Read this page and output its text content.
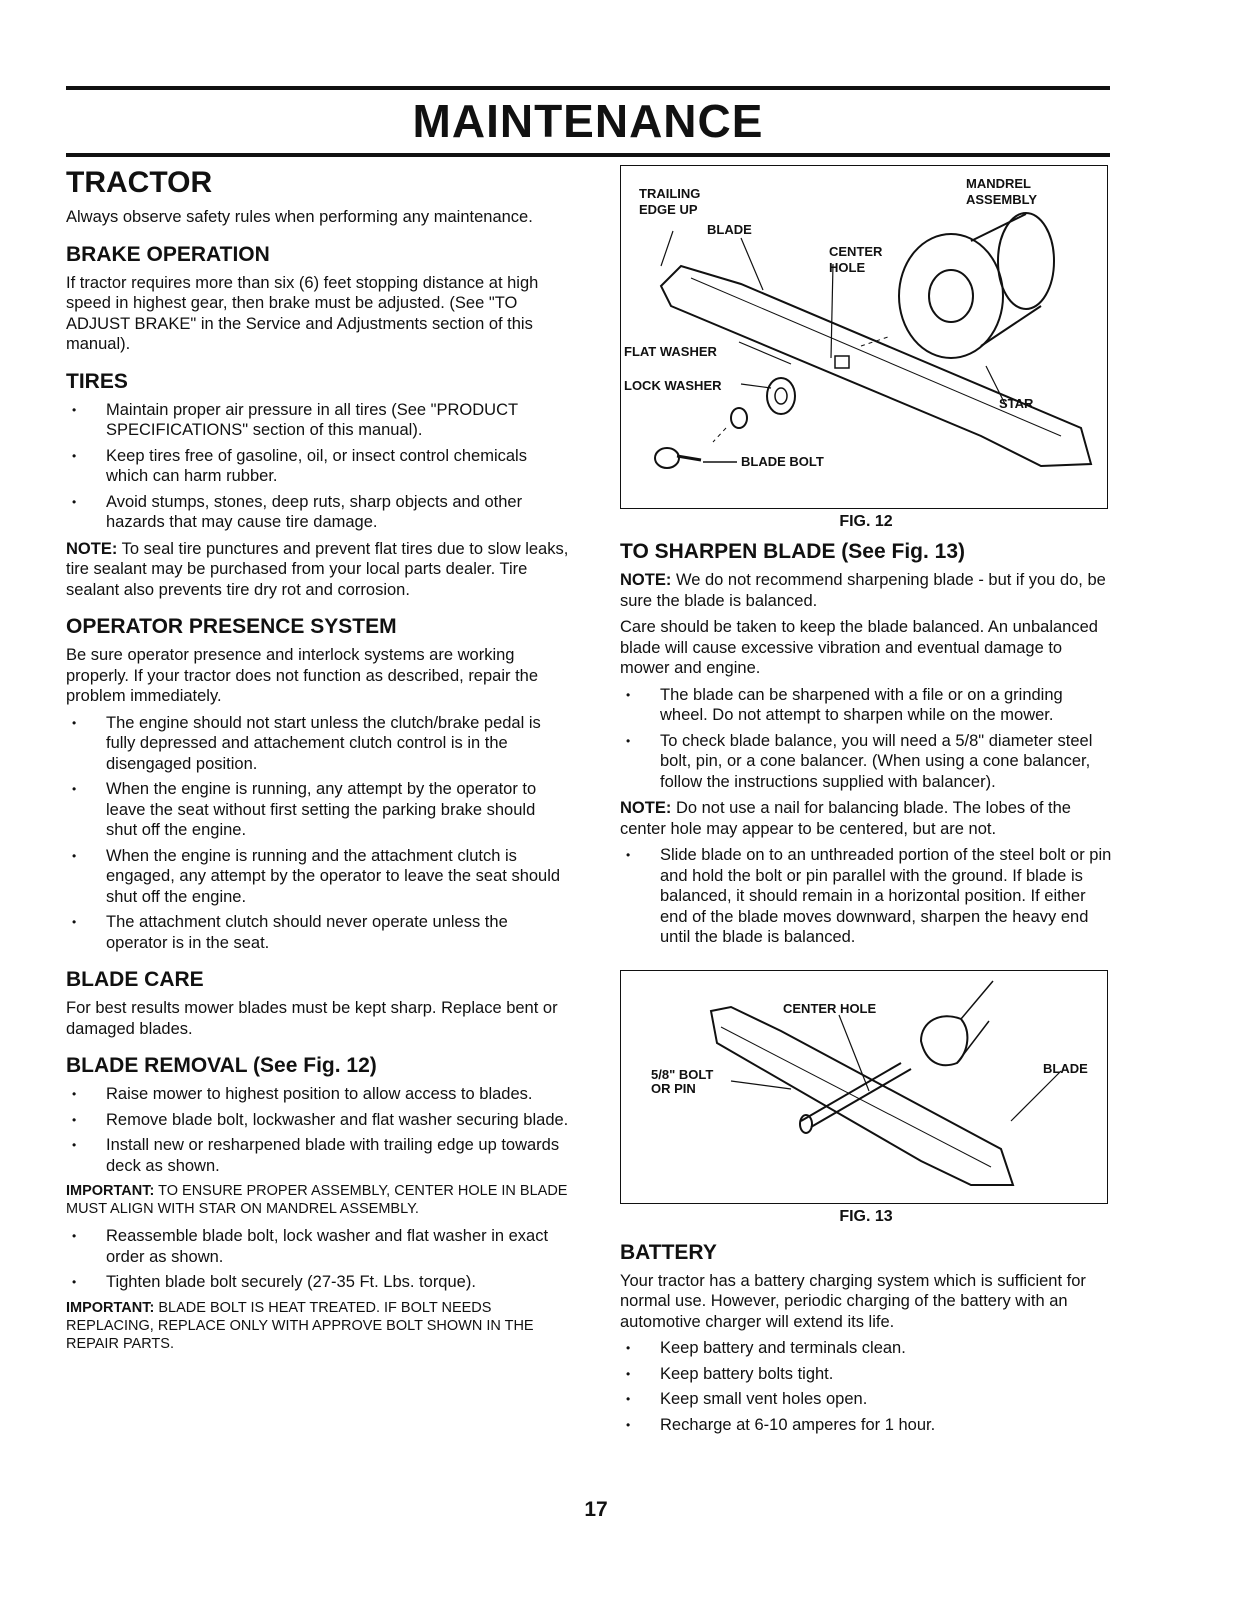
MAINTENANCE
TRACTOR

Always observe safety rules when performing any maintenance.

BRAKE OPERATION

If tractor requires more than six (6) feet stopping distance at high speed in highest gear, then brake must be adjusted. (See "TO ADJUST BRAKE" in the Service and Adjustments section of this manual).

TIRES
• Maintain proper air pressure in all tires (See "PRODUCT SPECIFICATIONS" section of this manual).
• Keep tires free of gasoline, oil, or insect control chemicals which can harm rubber.
• Avoid stumps, stones, deep ruts, sharp objects and other hazards that may cause tire damage.

NOTE: To seal tire punctures and prevent flat tires due to slow leaks, tire sealant may be purchased from your local parts dealer. Tire sealant also prevents tire dry rot and corrosion.

OPERATOR PRESENCE SYSTEM

Be sure operator presence and interlock systems are working properly. If your tractor does not function as described, repair the problem immediately.

• The engine should not start unless the clutch/brake pedal is fully depressed and attachement clutch control is in the disengaged position.
• When the engine is running, any attempt by the operator to leave the seat without first setting the parking brake should shut off the engine.
• When the engine is running and the attachment clutch is engaged, any attempt by the operator to leave the seat should shut off the engine.
• The attachment clutch should never operate unless the operator is in the seat.
BLADE CARE

For best results mower blades must be kept sharp. Replace bent or damaged blades.

BLADE REMOVAL (See Fig. 12)
• Raise mower to highest position to allow access to blades.
• Remove blade bolt, lockwasher and flat washer securing blade.
• Install new or resharpened blade with trailing edge up towards deck as shown.

IMPORTANT: TO ENSURE PROPER ASSEMBLY, CENTER HOLE IN BLADE MUST ALIGN WITH STAR ON MANDREL ASSEMBLY.

• Reassemble blade bolt, lock washer and flat washer in exact order as shown.
• Tighten blade bolt securely (27-35 Ft. Lbs. torque).

IMPORTANT: BLADE BOLT IS HEAT TREATED. IF BOLT NEEDS REPLACING, REPLACE ONLY WITH APPROVE BOLT SHOWN IN THE REPAIR PARTS.

TRAILING
EDGE UP
BLADE
CENTER
HOLE
MANDREL
ASSEMBLY
FLAT WASHER
LOCK WASHER
STAR
BLADE BOLT
FIG. 12
TO SHARPEN BLADE (See Fig. 13)

NOTE: We do not recommend sharpening blade - but if you do, be sure the blade is balanced.

Care should be taken to keep the blade balanced. An unbalanced blade will cause excessive vibration and eventual damage to mower and engine.

• The blade can be sharpened with a file or on a grinding wheel. Do not attempt to sharpen while on the mower.
• To check blade balance, you will need a 5/8" diameter steel bolt, pin, or a cone balancer. (When using a cone balancer, follow the instructions supplied with balancer).

NOTE: Do not use a nail for balancing blade. The lobes of the center hole may appear to be centered, but are not.

• Slide blade on to an unthreaded portion of the steel bolt or pin and hold the bolt or pin parallel with the ground. If blade is balanced, it should remain in a horizontal position. If either end of the blade moves downward, sharpen the heavy end until the blade is balanced.
CENTER HOLE
5/8" BOLT
OR PIN
BLADE
FIG. 13
BATTERY

Your tractor has a battery charging system which is sufficient for normal use. However, periodic charging of the battery with an automotive charger will extend its life.

• Keep battery and terminals clean.
• Keep battery bolts tight.
• Keep small vent holes open.
• Recharge at 6-10 amperes for 1 hour.
17
